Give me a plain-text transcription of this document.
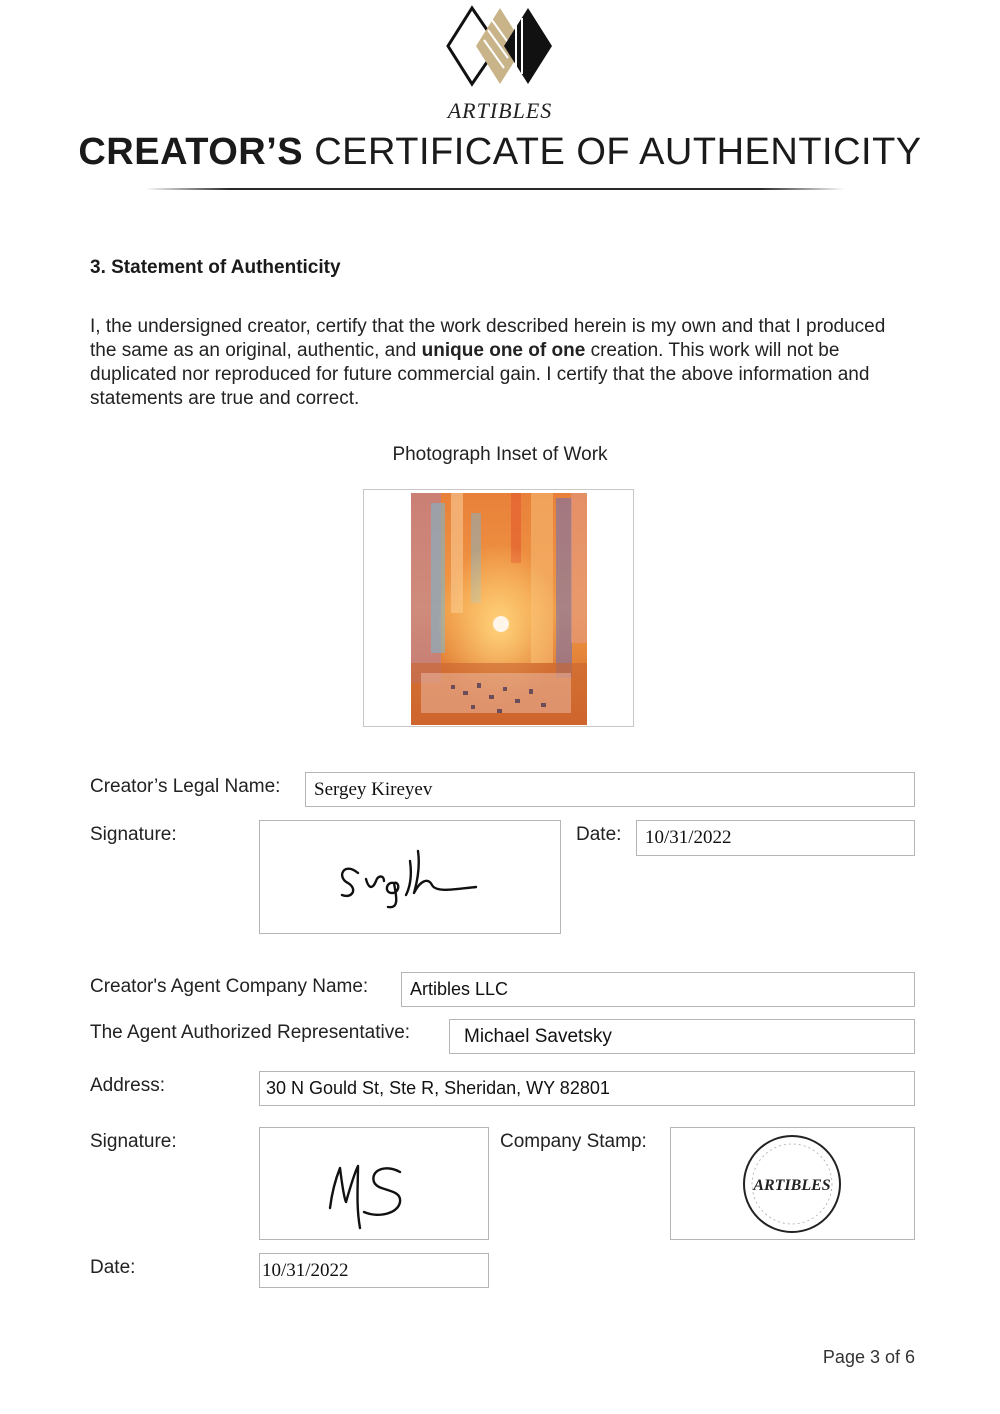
ARTIBLES
CREATOR’S CERTIFICATE OF AUTHENTICITY
3. Statement of Authenticity
I, the undersigned creator, certify that the work described herein is my own and that I produced the same as an original, authentic, and unique one of one creation. This work will not be duplicated nor reproduced for future commercial gain. I certify that the above information and statements are true and correct.
Photograph Inset of Work
Creator’s Legal Name:	Sergey Kireyev
Signature:	Date:	10/31/2022
Creator's Agent Company Name:	Artibles LLC
The Agent Authorized Representative:	Michael Savetsky
Address:	30 N Gould St, Ste R, Sheridan, WY 82801
Signature:	Company Stamp:
ARTIBLES
Date:	10/31/2022
Page 3 of 6
